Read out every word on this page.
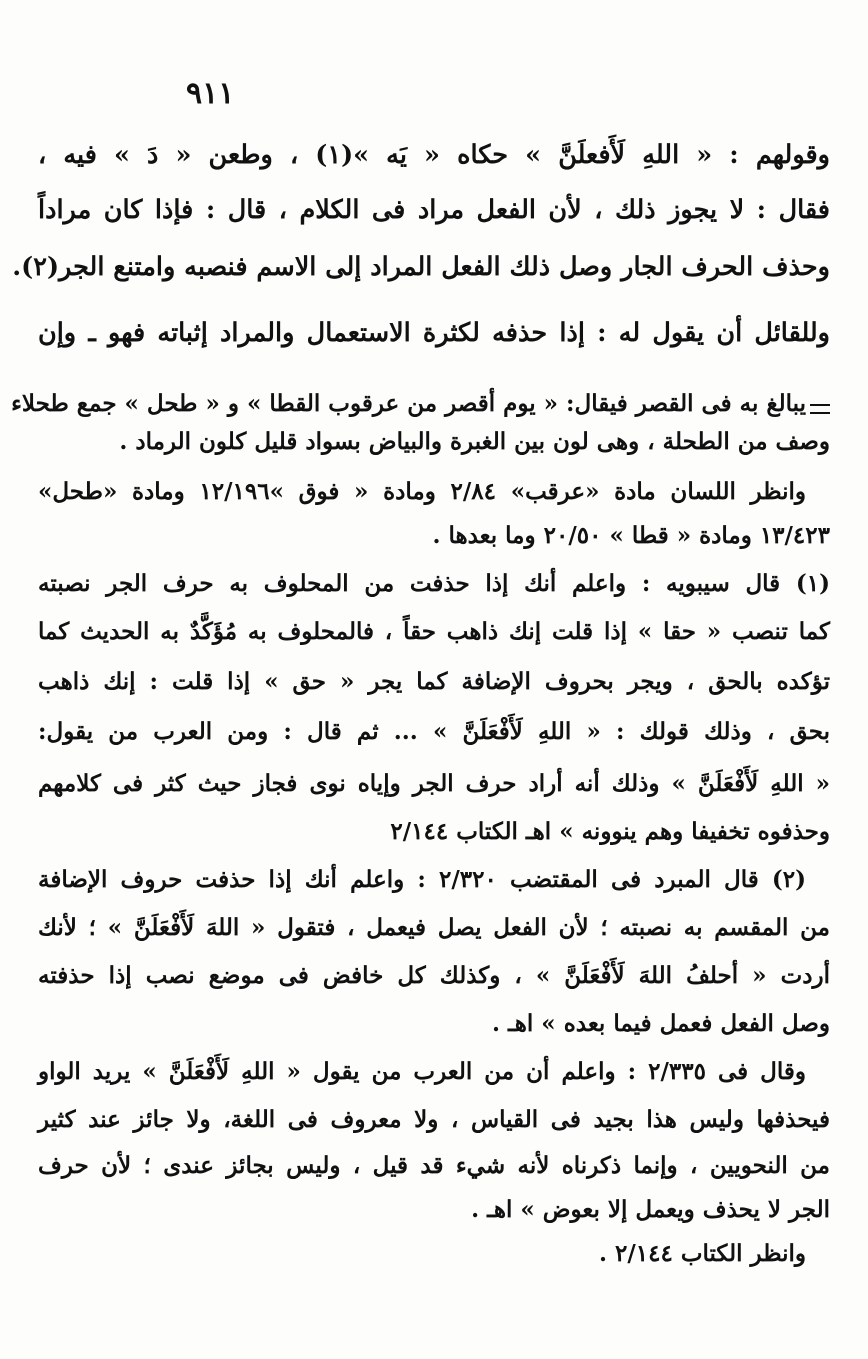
٩١١
وقولهم : « اللهِ لَأَفعلَنَّ » حكاه « يَه »(١) ، وطعن « دَ » فيه ،
فقال : لا يجوز ذلك ، لأن الفعل مراد فى الكلام ، قال : فإذا كان مراداً
وحذف الحرف الجار وصل ذلك الفعل المراد إلى الاسم فنصبه وامتنع الجر(٢).
وللقائل أن يقول له : إذا حذفه لكثرة الاستعمال والمراد إثباته فهو ـ وإن
يبالغ به فى القصر فيقال: « يوم أقصر من عرقوب القطا » و « طحل » جمع طحلاء
وصف من الطحلة ، وهى لون بين الغبرة والبياض بسواد قليل كلون الرماد .
وانظر اللسان مادة «عرقب» ٢/٨٤ ومادة « فوق »١٢/١٩٦ ومادة «طحل»
١٣/٤٢٣ ومادة « قطا » ٢٠/٥٠ وما بعدها .
(١) قال سيبويه : واعلم أنك إذا حذفت من المحلوف به حرف الجر نصبته
كما تنصب « حقا » إذا قلت إنك ذاهب حقاً ، فالمحلوف به مُؤَكَّدٌ به الحديث كما
تؤكده بالحق ، ويجر بحروف الإضافة كما يجر « حق » إذا قلت : إنك ذاهب
بحق ، وذلك قولك : « اللهِ لَأَفْعَلَنَّ » ... ثم قال : ومن العرب من يقول:
« اللهِ لَأَفْعَلَنَّ » وذلك أنه أراد حرف الجر وإياه نوى فجاز حيث كثر فى كلامهم
وحذفوه تخفيفا وهم ينوونه » اهـ الكتاب ٢/١٤٤
(٢) قال المبرد فى المقتضب ٢/٣٢٠ : واعلم أنك إذا حذفت حروف الإضافة
من المقسم به نصبته ؛ لأن الفعل يصل فيعمل ، فتقول « اللهَ لَأَفْعَلَنَّ » ؛ لأنك
أردت « أحلفُ اللهَ لَأَفْعَلَنَّ » ، وكذلك كل خافض فى موضع نصب إذا حذفته
وصل الفعل فعمل فيما بعده » اهـ .
وقال فى ٢/٣٣٥ : واعلم أن من العرب من يقول « اللهِ لَأَفْعَلَنَّ » يريد الواو
فيحذفها وليس هذا بجيد فى القياس ، ولا معروف فى اللغة، ولا جائز عند كثير
من النحويين ، وإنما ذكرناه لأنه شيء قد قيل ، وليس بجائز عندى ؛ لأن حرف
الجر لا يحذف ويعمل إلا بعوض » اهـ .
وانظر الكتاب ٢/١٤٤ .
